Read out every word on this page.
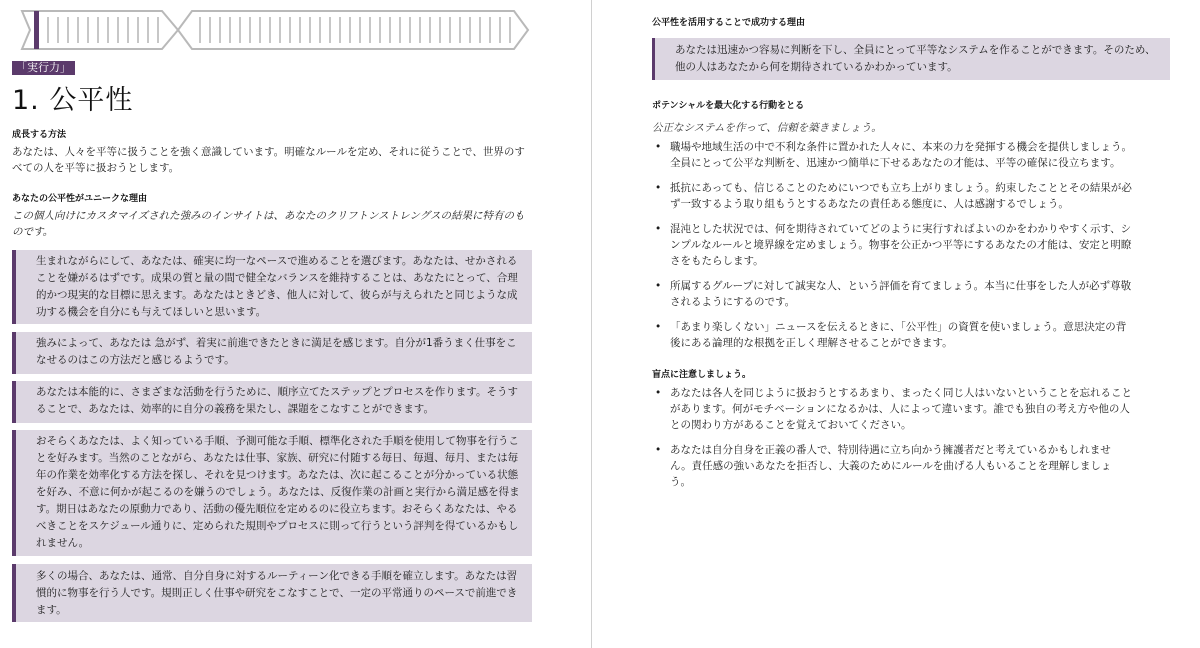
「実行力」
1. 公平性
成長する方法
あなたは、人々を平等に扱うことを強く意識しています。明確なルールを定め、それに従うことで、世界のすべての人を平等に扱おうとします。
あなたの公平性がユニークな理由
この個人向けにカスタマイズされた強みのインサイトは、あなたのクリフトンストレングスの結果に特有のものです。
生まれながらにして、あなたは、確実に均一なペースで進めることを選びます。あなたは、せかされることを嫌がるはずです。成果の質と量の間で健全なバランスを維持することは、あなたにとって、合理的かつ現実的な目標に思えます。あなたはときどき、他人に対して、彼らが与えられたと同じような成功する機会を自分にも与えてほしいと思います。
強みによって、あなたは 急がず、着実に前進できたときに満足を感じます。自分が1番うまく仕事をこなせるのはこの方法だと感じるようです。
あなたは本能的に、さまざまな活動を行うために、順序立てたステップとプロセスを作ります。そうすることで、あなたは、効率的に自分の義務を果たし、課題をこなすことができます。
おそらくあなたは、よく知っている手順、予測可能な手順、標準化された手順を使用して物事を行うことを好みます。当然のことながら、あなたは仕事、家族、研究に付随する毎日、毎週、毎月、または毎年の作業を効率化する方法を探し、それを見つけます。あなたは、次に起こることが分かっている状態を好み、不意に何かが起こるのを嫌うのでしょう。あなたは、反復作業の計画と実行から満足感を得ます。期日はあなたの原動力であり、活動の優先順位を定めるのに役立ちます。おそらくあなたは、やるべきことをスケジュール通りに、定められた規則やプロセスに則って行うという評判を得ているかもしれません。
多くの場合、あなたは、通常、自分自身に対するルーティーン化できる手順を確立します。あなたは習慣的に物事を行う人です。規則正しく仕事や研究をこなすことで、一定の平常通りのペースで前進できます。
公平性を活用することで成功する理由
あなたは迅速かつ容易に判断を下し、全員にとって平等なシステムを作ることができます。そのため、他の人はあなたから何を期待されているかわかっています。
ポテンシャルを最大化する行動をとる
公正なシステムを作って、信頼を築きましょう。
• 職場や地域生活の中で不利な条件に置かれた人々に、本来の力を発揮する機会を提供しましょう。全員にとって公平な判断を、迅速かつ簡単に下せるあなたの才能は、平等の確保に役立ちます。
• 抵抗にあっても、信じることのためにいつでも立ち上がりましょう。約束したこととその結果が必ず一致するよう取り組もうとするあなたの責任ある態度に、人は感謝するでしょう。
• 混沌とした状況では、何を期待されていてどのように実行すればよいのかをわかりやすく示す、シンプルなルールと境界線を定めましょう。物事を公正かつ平等にするあなたの才能は、安定と明瞭さをもたらします。
• 所属するグループに対して誠実な人、という評価を育てましょう。本当に仕事をした人が必ず尊敬されるようにするのです。
• 「あまり楽しくない」ニュースを伝えるときに、「公平性」の資質を使いましょう。意思決定の背後にある論理的な根拠を正しく理解させることができます。
盲点に注意しましょう。
• あなたは各人を同じように扱おうとするあまり、まったく同じ人はいないということを忘れることがあります。何がモチベーションになるかは、人によって違います。誰でも独自の考え方や他の人との関わり方があることを覚えておいてください。
• あなたは自分自身を正義の番人で、特別待遇に立ち向かう擁護者だと考えているかもしれません。責任感の強いあなたを拒否し、大義のためにルールを曲げる人もいることを理解しましょう。
